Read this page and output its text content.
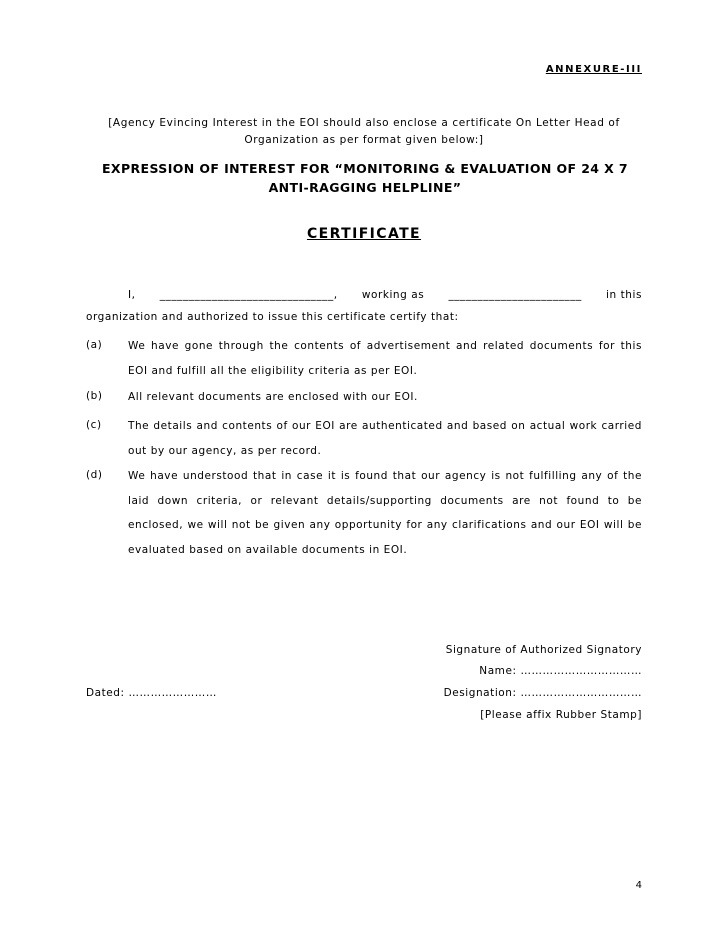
ANNEXURE-III
[Agency Evincing Interest in the EOI should also enclose a certificate On Letter Head of Organization as per format given below:]
EXPRESSION OF INTEREST FOR “MONITORING & EVALUATION OF 24 X 7 ANTI-RAGGING HELPLINE”
CERTIFICATE
I, ______________________________, working as _______________________ in this
organization and authorized to issue this certificate certify that:
(a) We have gone through the contents of advertisement and related documents for this EOI and fulfill all the eligibility criteria as per EOI.
(b) All relevant documents are enclosed with our EOI.
(c)	The details and contents of our EOI are authenticated and based on actual work carried out by our agency, as per record.
(d) We have understood that in case it is found that our agency is not fulfilling any of the laid down criteria, or relevant details/supporting documents are not found to be enclosed, we will not be given any opportunity for any clarifications and our EOI will be evaluated based on available documents in EOI.
Signature of Authorized Signatory
Name: ……………………………
Designation: ……………………………
[Please affix Rubber Stamp]
Dated: ……………………
4
